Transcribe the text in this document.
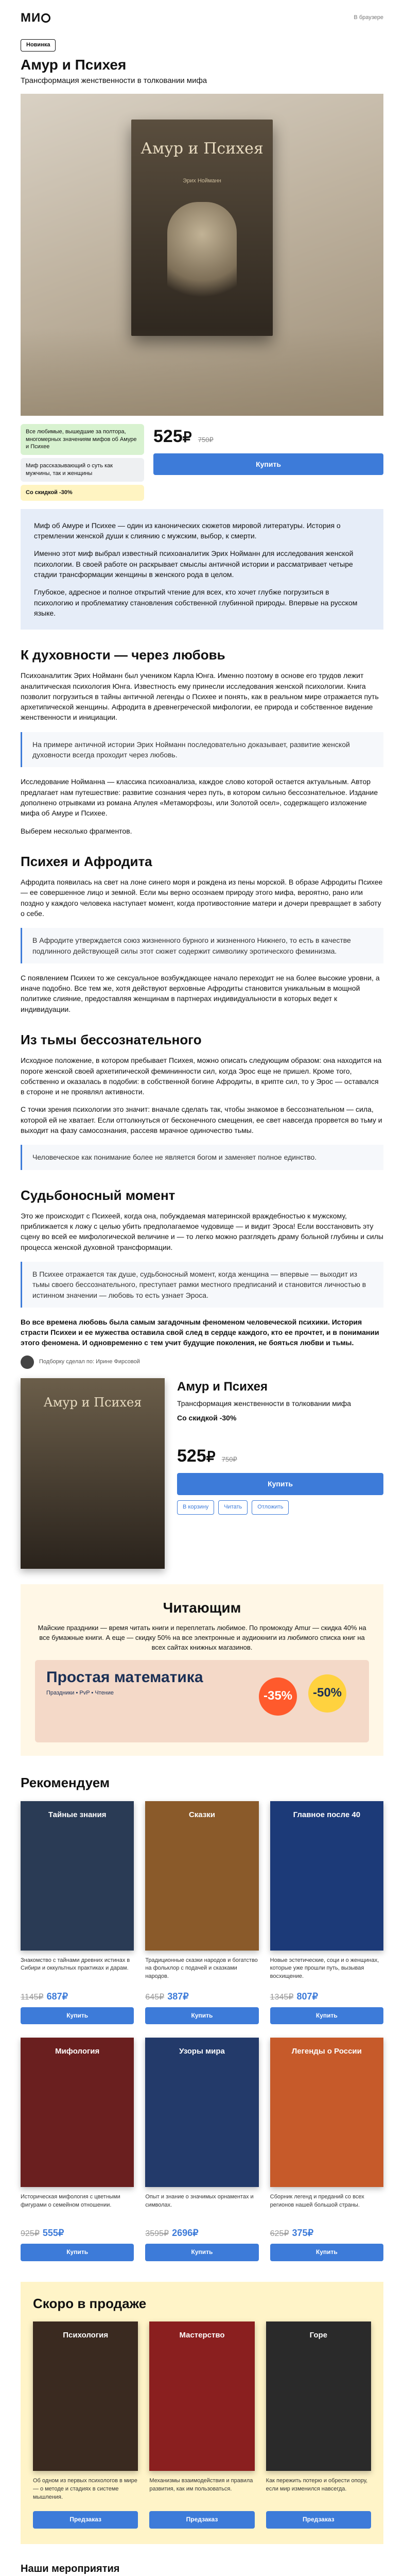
МИ	В браузере
Новинка
Амур и Психея
Трансформация женственности в толковании мифа
Амур и Психея
Эрих Нойманн
Все любимые, вышедшие за полтора, многомерных значениям мифов об Амуре и Психее
Миф рассказывающий о суть как мужчины, так и женщины
Со скидкой -30%
525₽ 750₽
Купить

Миф об Амуре и Психее — один из канонических сюжетов мировой литературы. История о стремлении женской души к слиянию с мужским, выбор, к смерти.

Именно этот миф выбрал известный психоаналитик Эрих Нойманн для исследования женской психологии. В своей работе он раскрывает смыслы античной истории и рассматривает четыре стадии трансформации женщины в женского рода в целом.

Глубокое, адресное и полное открытий чтение для всех, кто хочет глубже погрузиться в психологию и проблематику становления собственной глубинной природы. Впервые на русском языке.

К духовности — через любовь

Психоаналитик Эрих Нойманн был учеником Карла Юнга. Именно поэтому в основе его трудов лежит аналитическая психология Юнга. Известность ему принесли исследования женской психологии. Книга позволит погрузиться в тайны античной легенды о Психее и понять, как в реальном мире отражается путь архетипической женщины. Афродита в древнегреческой мифологии, ее природа и собственное видение женственности и инициации.

На примере античной истории Эрих Нойманн последовательно доказывает, развитие женской духовности всегда проходит через любовь.

Исследование Нойманна — классика психоанализа, каждое слово которой остается актуальным. Автор предлагает нам путешествие: развитие сознания через путь, в котором сильно бессознательное. Издание дополнено отрывками из романа Апулея «Метаморфозы, или Золотой осел», содержащего изложение мифа об Амуре и Психее.

Выберем несколько фрагментов.

Психея и Афродита

Афродита появилась на свет на лоне синего моря и рождена из пены морской. В образе Афродиты Психее — ее совершенное лицо и земной. Если мы верно осознаем природу этого мифа, вероятно, рано или поздно у каждого человека наступает момент, когда противостояние матери и дочери превращает в заботу о себе.

В Афродите утверждается союз жизненного бурного и жизненного Нижнего, то есть в качестве подлинного действующей силы этот сюжет содержит символику эротического феминизма.

С появлением Психеи то же сексуальное возбуждающее начало переходит не на более высокие уровни, а иначе подобно. Все тем же, хотя действуют верховные Афродиты становится уникальным в мощной политике слияние, предоставляя женщинам в партнерах индивидуальности в которых ведет к индивидуации.

Из тьмы бессознательного

Исходное положение, в котором пребывает Психея, можно описать следующим образом: она находится на пороге женской своей архетипической фемининности сил, когда Эрос еще не пришел. Кроме того, собственно и оказалась в подобии: в собственной богине Афродиты, в крипте сил, то у Эрос — оставался в стороне и не проявлял активности.

С точки зрения психологии это значит: вначале сделать так, чтобы знакомое в бессознательном — сила, которой ей не хватает. Если оттолкнуться от бесконечного смещения, ее свет навсегда прорвется во тьму и выходит на фазу самосознания, рассеяв мрачное одиночество тьмы.

Человеческое как понимание более не является богом и заменяет полное единство.
Судьбоносный момент

Это же происходит с Психеей, когда она, побуждаемая материнской враждебностью к мужскому, приближается к ложу с целью убить предполагаемое чудовище — и видит Эроса! Если восстановить эту сцену во всей ее мифологической величине и — то легко можно разглядеть драму больной глубины и силы процесса женской духовной трансформации.

В Психее отражается так душе, судьбоносный момент, когда женщина — впервые — выходит из тьмы своего бессознательного, преступает рамки местного предписаний и становится личностью в истинном значении — любовь то есть узнает Эроса.

Во все времена любовь была самым загадочным феноменом человеческой психики. История страсти Психеи и ее мужества оставила свой след в сердце каждого, кто ее прочтет, и в понимании этого феномена. И одновременно с тем учит будущие поколения, не бояться любви и тьмы.

Подборку сделал по: Ирине Фирсовой
Амур и Психея
Амур и Психея
Трансформация женственности в толковании мифа
Со скидкой -30%
525₽ 750₽
Купить
В корзину	Читать	Отложить
Читающим

Майские праздники — время читать книги и переплетать любимое. По промокоду Amur — скидка 40% на все бумажные книги. А еще — скидку 50% на все электронные и аудиокниги из любимого списка книг на всех сайтах книжных магазинов.

Простая математика
Праздники • PvP • Чтение	-35%	-50%
Рекомендуем
Тайные знания
Знакомство с тайнами древних истинах в Сибири и оккультных практиках и дарам.
1145₽ 687₽
Купить
Сказки
Традиционные сказки народов и богатство на фольклор с подачей и сказками народов.
645₽ 387₽
Купить
Главное после 40
Новые эстетические, соци и о женщинах, которые уже прошли путь, вызывая восхищение.
1345₽ 807₽
Купить
Мифология
Историческая мифология с цветными фигурами о семейном отношении.
925₽ 555₽
Купить
Узоры мира
Опыт и знание о значимых орнаментах и символах.
3595₽ 2696₽
Купить
Легенды о России
Сборник легенд и преданий со всех регионов нашей большой страны.
625₽ 375₽
Купить
Скоро в продаже
Психология
Об одном из первых психологов в мире — о методе и стадиях в системе мышления.
Предзаказ
Мастерство
Механизмы взаимодействия и правила развития, как им пользоваться.
Предзаказ
Горе
Как пережить потерю и обрести опору, если мир изменился навсегда.
Предзаказ
Наши мероприятия
